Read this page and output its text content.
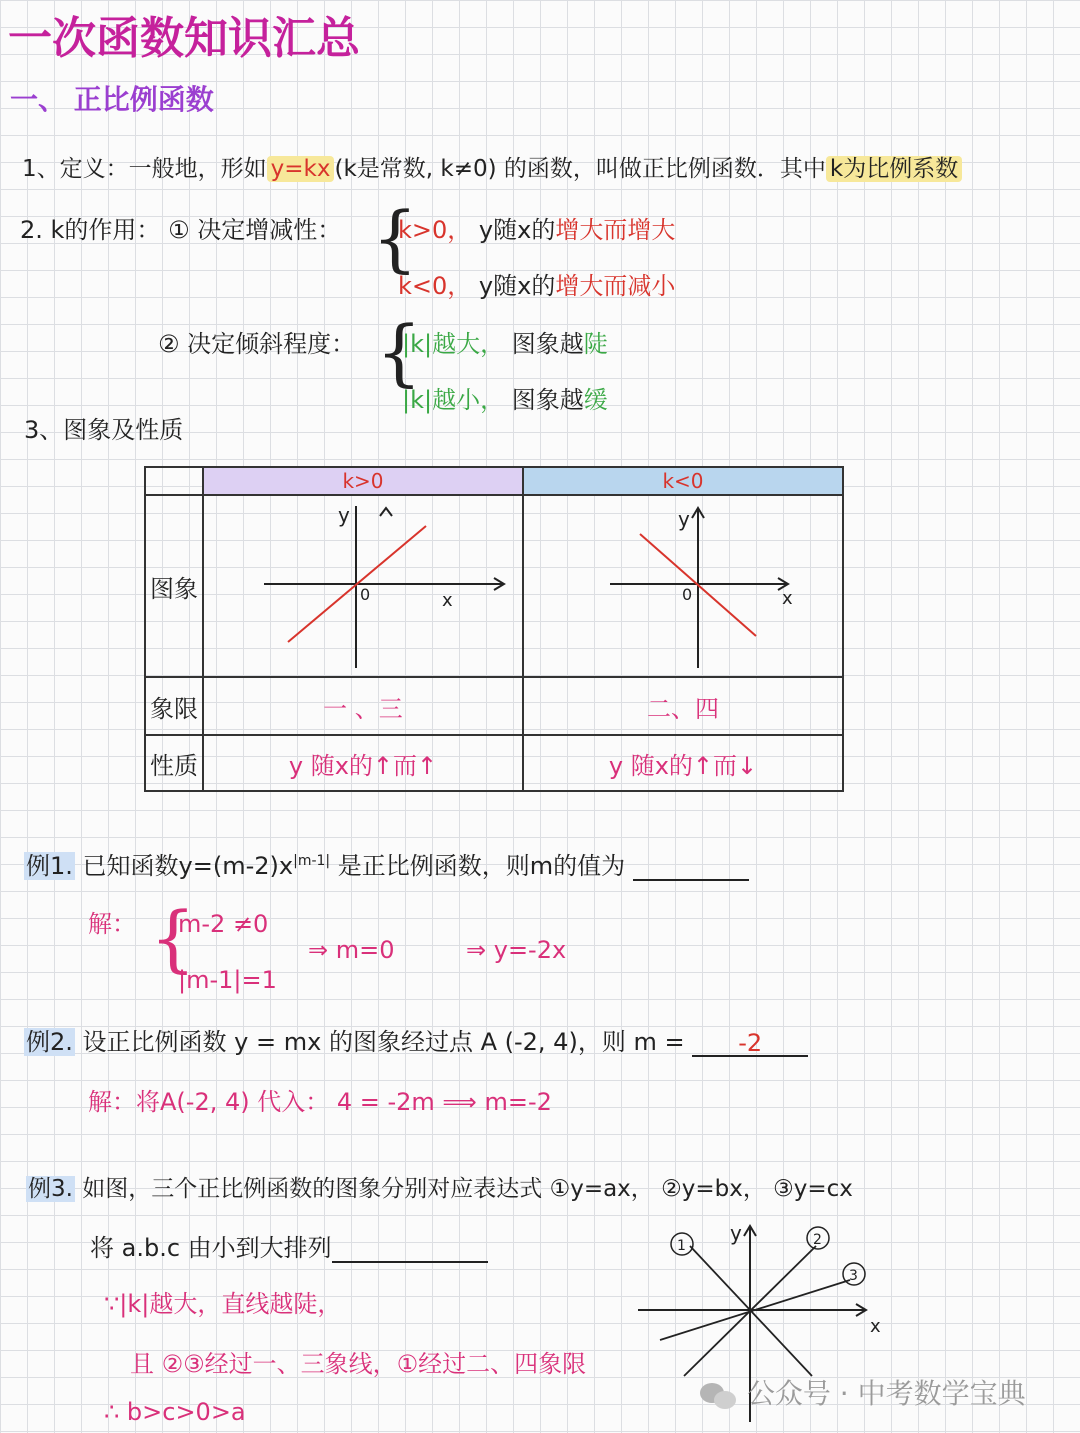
一次函数知识汇总
一、 正比例函数
1、定义：一般地，形如 y=kx (k是常数, k≠0) 的函数，叫做正比例函数．其中 k为比例系数
2. k的作用： ① 决定增减性： {
k>0， y随x的增大而增大
k<0， y随x的增大而减小
② 决定倾斜程度： {
|k|越大， 图象越陡
|k|越小， 图象越缓
3、图象及性质
	k>0	k<0
图象	y
0 x	y
0 x

象限	一 、三	二、四
性质	y 随x的↑而↑	y 随x的↑而↓
例1. 已知函数$y=(m-2)x^{|m-1|}$ 是正比例函数，则m的值为
解： {
m-2 ≠0
|m-1|=1
⇒ m=0	⇒ y=-2x
例2. 设正比例函数 y = mx 的图象经过点 A (-2, 4)，则 m = -2
解：将A(-2, 4) 代入： 4 = -2m ⟹ m=-2
例3. 如图，三个正比例函数的图象分别对应表达式 ①y=ax， ②y=bx， ③y=cx
将 a.b.c 由小到大排列
∵|k|越大，直线越陡，
且 ②③经过一、三象线，①经过二、四象限
∴ b>c>0>a
1	2
3
y
x
公众号 · 中考数学宝典
